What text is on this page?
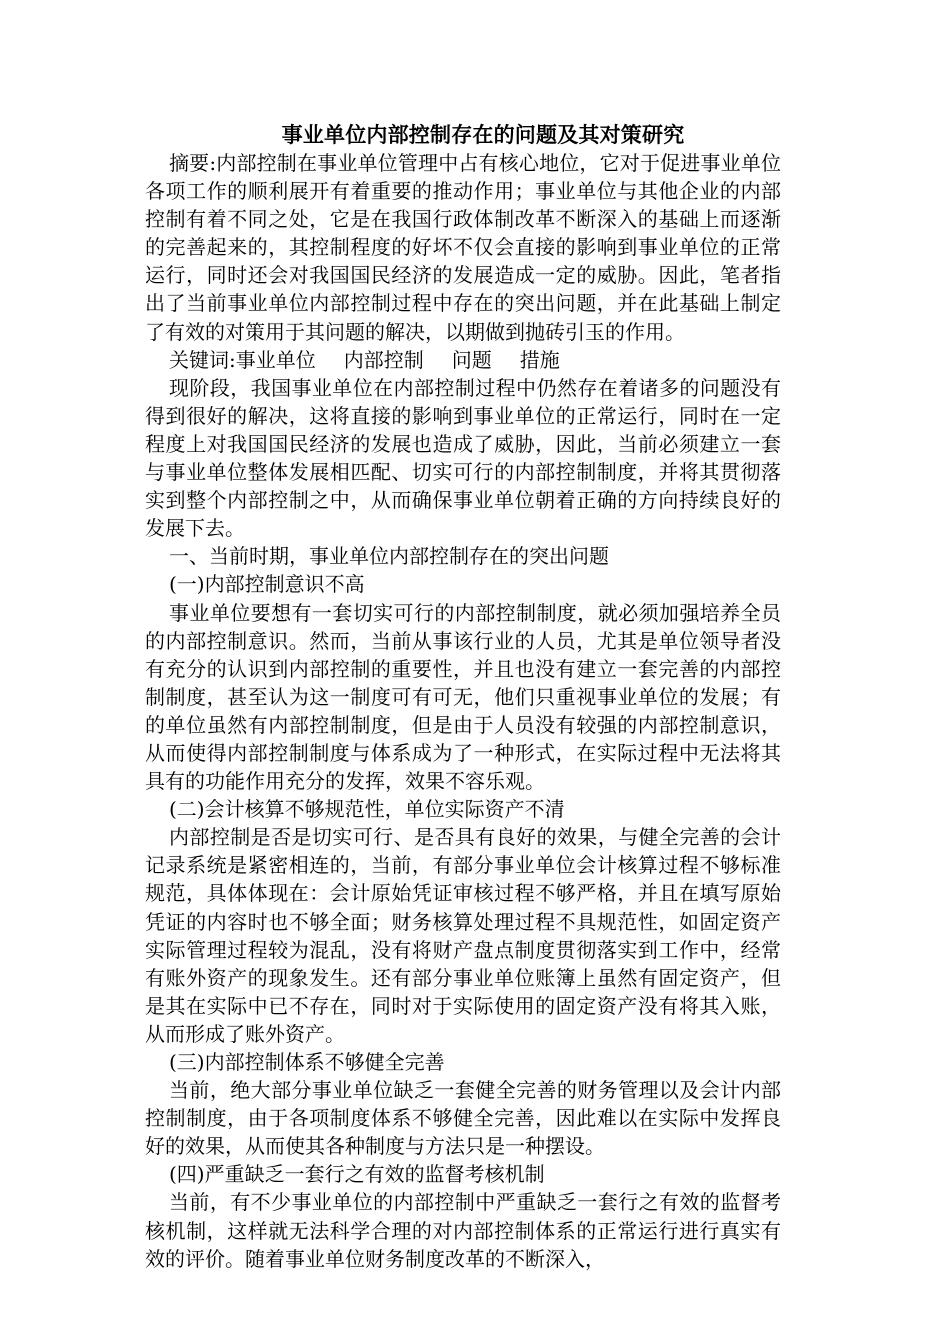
事业单位内部控制存在的问题及其对策研究

摘要:内部控制在事业单位管理中占有核心地位，它对于促进事业单位各项工作的顺利展开有着重要的推动作用；事业单位与其他企业的内部控制有着不同之处，它是在我国行政体制改革不断深入的基础上而逐渐的完善起来的，其控制程度的好坏不仅会直接的影响到事业单位的正常运行，同时还会对我国国民经济的发展造成一定的威胁。因此，笔者指出了当前事业单位内部控制过程中存在的突出问题，并在此基础上制定了有效的对策用于其问题的解决，以期做到抛砖引玉的作用。

关键词:事业单位 内部控制 问题 措施

现阶段，我国事业单位在内部控制过程中仍然存在着诸多的问题没有得到很好的解决，这将直接的影响到事业单位的正常运行，同时在一定程度上对我国国民经济的发展也造成了威胁，因此，当前必须建立一套与事业单位整体发展相匹配、切实可行的内部控制制度，并将其贯彻落实到整个内部控制之中，从而确保事业单位朝着正确的方向持续良好的发展下去。

一、当前时期，事业单位内部控制存在的突出问题

(一)内部控制意识不高

事业单位要想有一套切实可行的内部控制制度，就必须加强培养全员的内部控制意识。然而，当前从事该行业的人员，尤其是单位领导者没有充分的认识到内部控制的重要性，并且也没有建立一套完善的内部控制制度，甚至认为这一制度可有可无，他们只重视事业单位的发展；有的单位虽然有内部控制制度，但是由于人员没有较强的内部控制意识，从而使得内部控制制度与体系成为了一种形式，在实际过程中无法将其具有的功能作用充分的发挥，效果不容乐观。

(二)会计核算不够规范性，单位实际资产不清

内部控制是否是切实可行、是否具有良好的效果，与健全完善的会计记录系统是紧密相连的，当前，有部分事业单位会计核算过程不够标准规范，具体体现在：会计原始凭证审核过程不够严格，并且在填写原始凭证的内容时也不够全面；财务核算处理过程不具规范性，如固定资产实际管理过程较为混乱，没有将财产盘点制度贯彻落实到工作中，经常有账外资产的现象发生。还有部分事业单位账簿上虽然有固定资产，但是其在实际中已不存在，同时对于实际使用的固定资产没有将其入账，从而形成了账外资产。

(三)内部控制体系不够健全完善

当前，绝大部分事业单位缺乏一套健全完善的财务管理以及会计内部控制制度，由于各项制度体系不够健全完善，因此难以在实际中发挥良好的效果，从而使其各种制度与方法只是一种摆设。

(四)严重缺乏一套行之有效的监督考核机制

当前，有不少事业单位的内部控制中严重缺乏一套行之有效的监督考核机制，这样就无法科学合理的对内部控制体系的正常运行进行真实有效的评价。随着事业单位财务制度改革的不断深入，
